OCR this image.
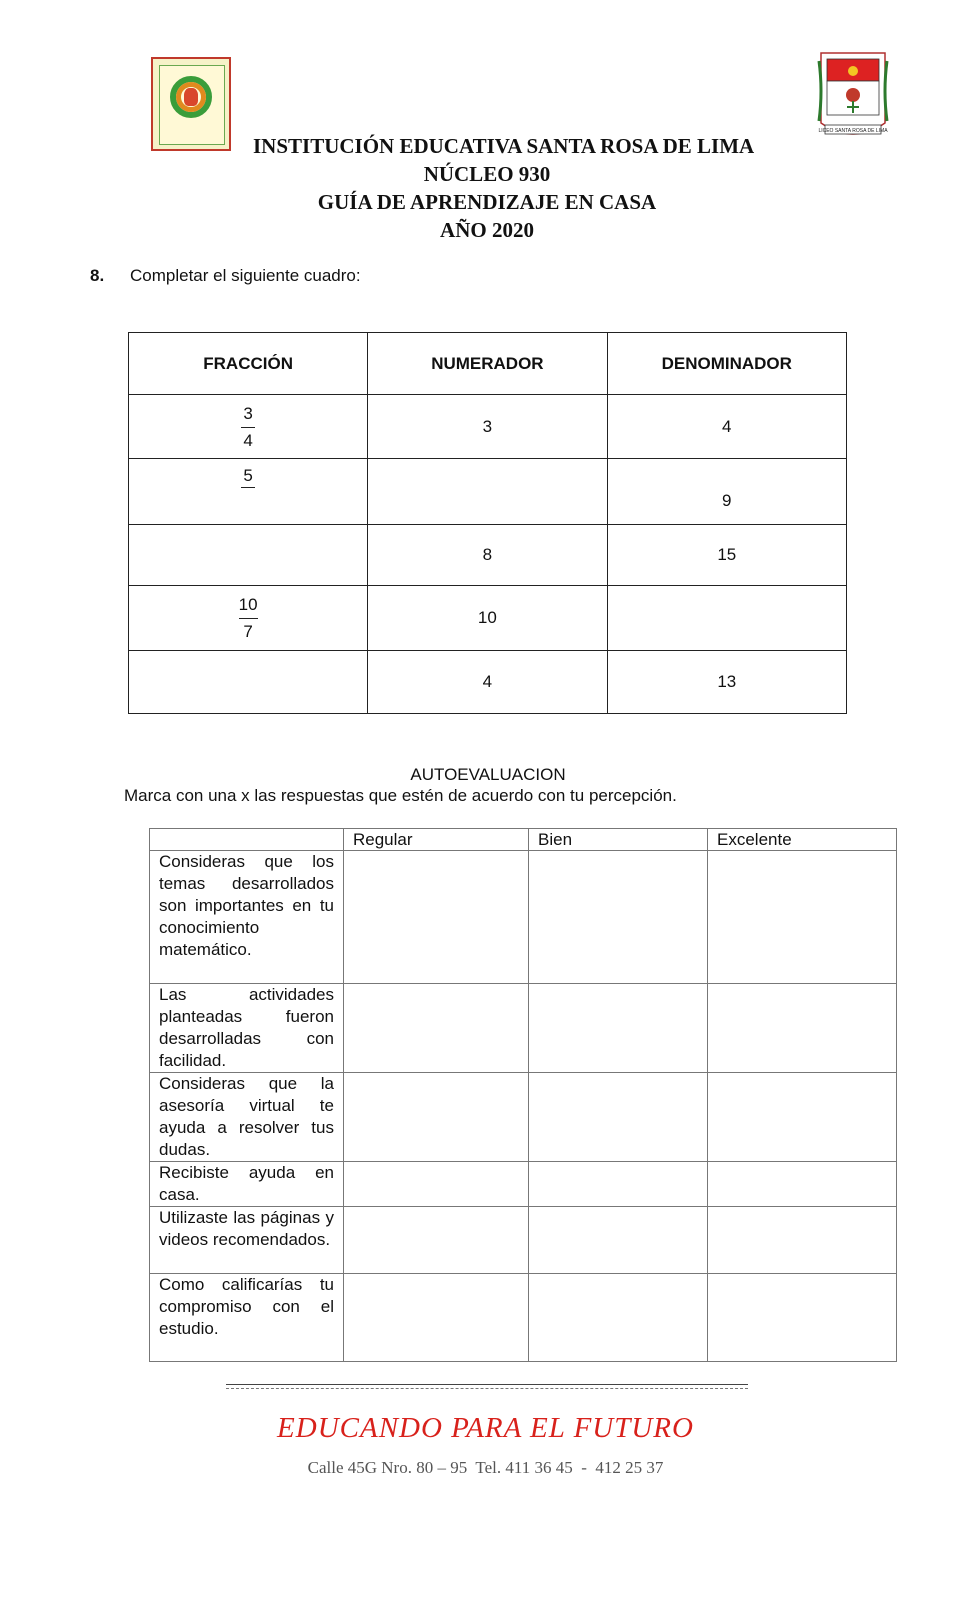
LICEO SANTA ROSA DE LIMA
INSTITUCIÓN EDUCATIVA SANTA ROSA DE LIMA
NÚCLEO 930
GUÍA DE APRENDIZAJE EN CASA
AÑO 2020
8. Completar el siguiente cuadro:
FRACCIÓN	NUMERADOR	DENOMINADOR

$\frac{3}{4}$	3	4

5		9
	8	15

$\frac{10}{7}$	10	
	4	13
AUTOEVALUACION
Marca con una x las respuestas que estén de acuerdo con tu percepción.
	Regular	Bien	Excelente
Consideras que los temas desarrollados son importantes en tu conocimiento matemático.			
Las actividades planteadas fueron desarrolladas con facilidad.			
Consideras que la asesoría virtual te ayuda a resolver tus dudas.			
Recibiste ayuda en casa.			
Utilizaste las páginas y videos recomendados.			
Como calificarías tu compromiso con el estudio.			
EDUCANDO PARA EL FUTURO
Calle 45G Nro. 80 – 95  Tel. 411 36 45  -  412 25 37
